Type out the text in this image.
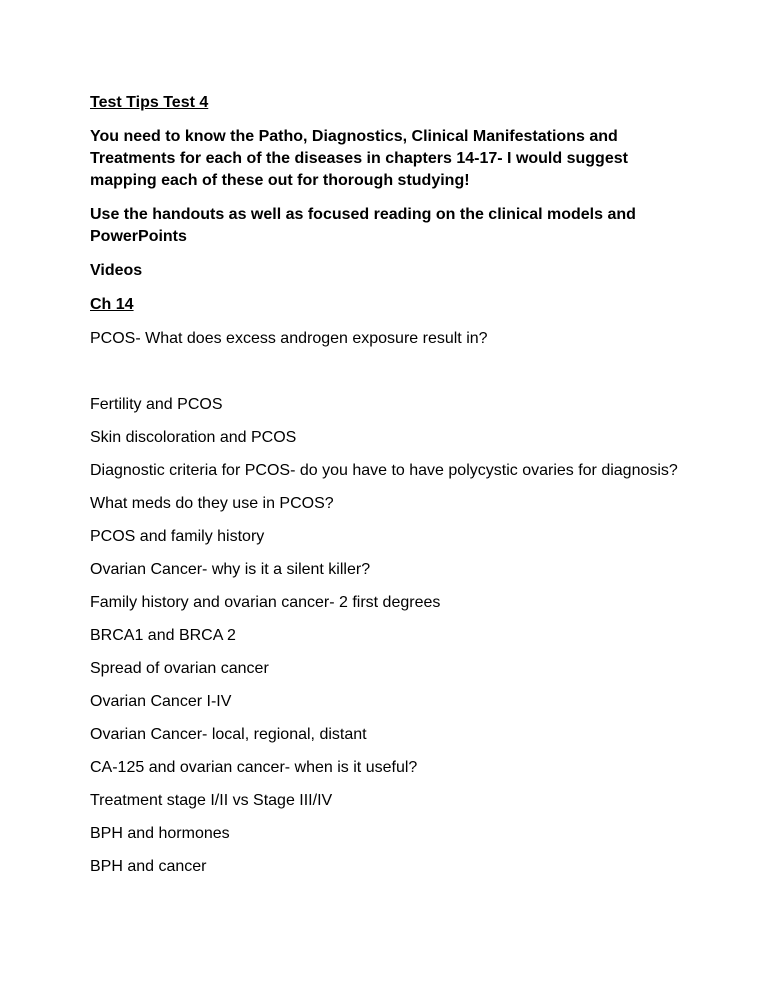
Test Tips Test 4

You need to know the Patho, Diagnostics, Clinical Manifestations and Treatments for each of the diseases in chapters 14-17- I would suggest mapping each of these out for thorough studying!

Use the handouts as well as focused reading on the clinical models and PowerPoints

Videos

Ch 14

PCOS- What does excess androgen exposure result in?

Fertility and PCOS

Skin discoloration and PCOS

Diagnostic criteria for PCOS- do you have to have polycystic ovaries for diagnosis?

What meds do they use in PCOS?

PCOS and family history

Ovarian Cancer- why is it a silent killer?

Family history and ovarian cancer- 2 first degrees

BRCA1 and BRCA 2

Spread of ovarian cancer

Ovarian Cancer I-IV

Ovarian Cancer- local, regional, distant

CA-125 and ovarian cancer- when is it useful?

Treatment stage I/II vs Stage III/IV

BPH and hormones

BPH and cancer
